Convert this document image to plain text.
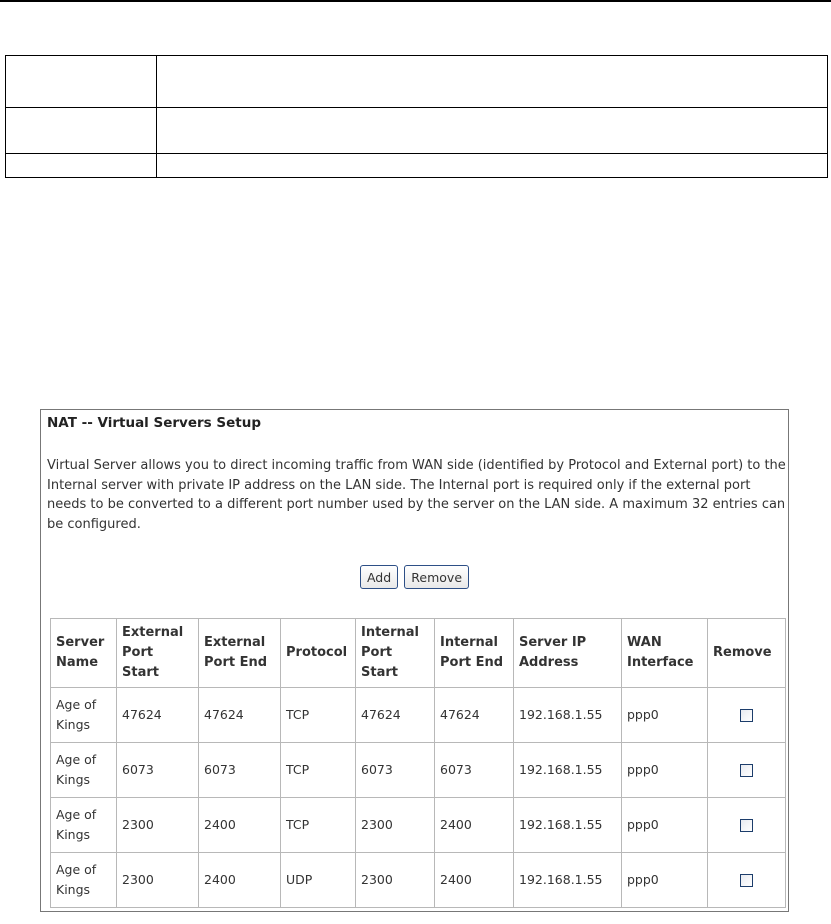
NAT -- Virtual Servers Setup
Virtual Server allows you to direct incoming traffic from WAN side (identified by Protocol and External port) to the Internal server with private IP address on the LAN side. The Internal port is required only if the external port needs to be converted to a different port number used by the server on the LAN side. A maximum 32 entries can be configured.
Add Remove
Server Name	External Port Start	External Port End	Protocol	Internal Port Start	Internal Port End	Server IP Address	WAN Interface	Remove
Age of Kings	47624	47624	TCP	47624	47624	192.168.1.55	ppp0	
Age of Kings	6073	6073	TCP	6073	6073	192.168.1.55	ppp0	
Age of Kings	2300	2400	TCP	2300	2400	192.168.1.55	ppp0	
Age of Kings	2300	2400	UDP	2300	2400	192.168.1.55	ppp0	
